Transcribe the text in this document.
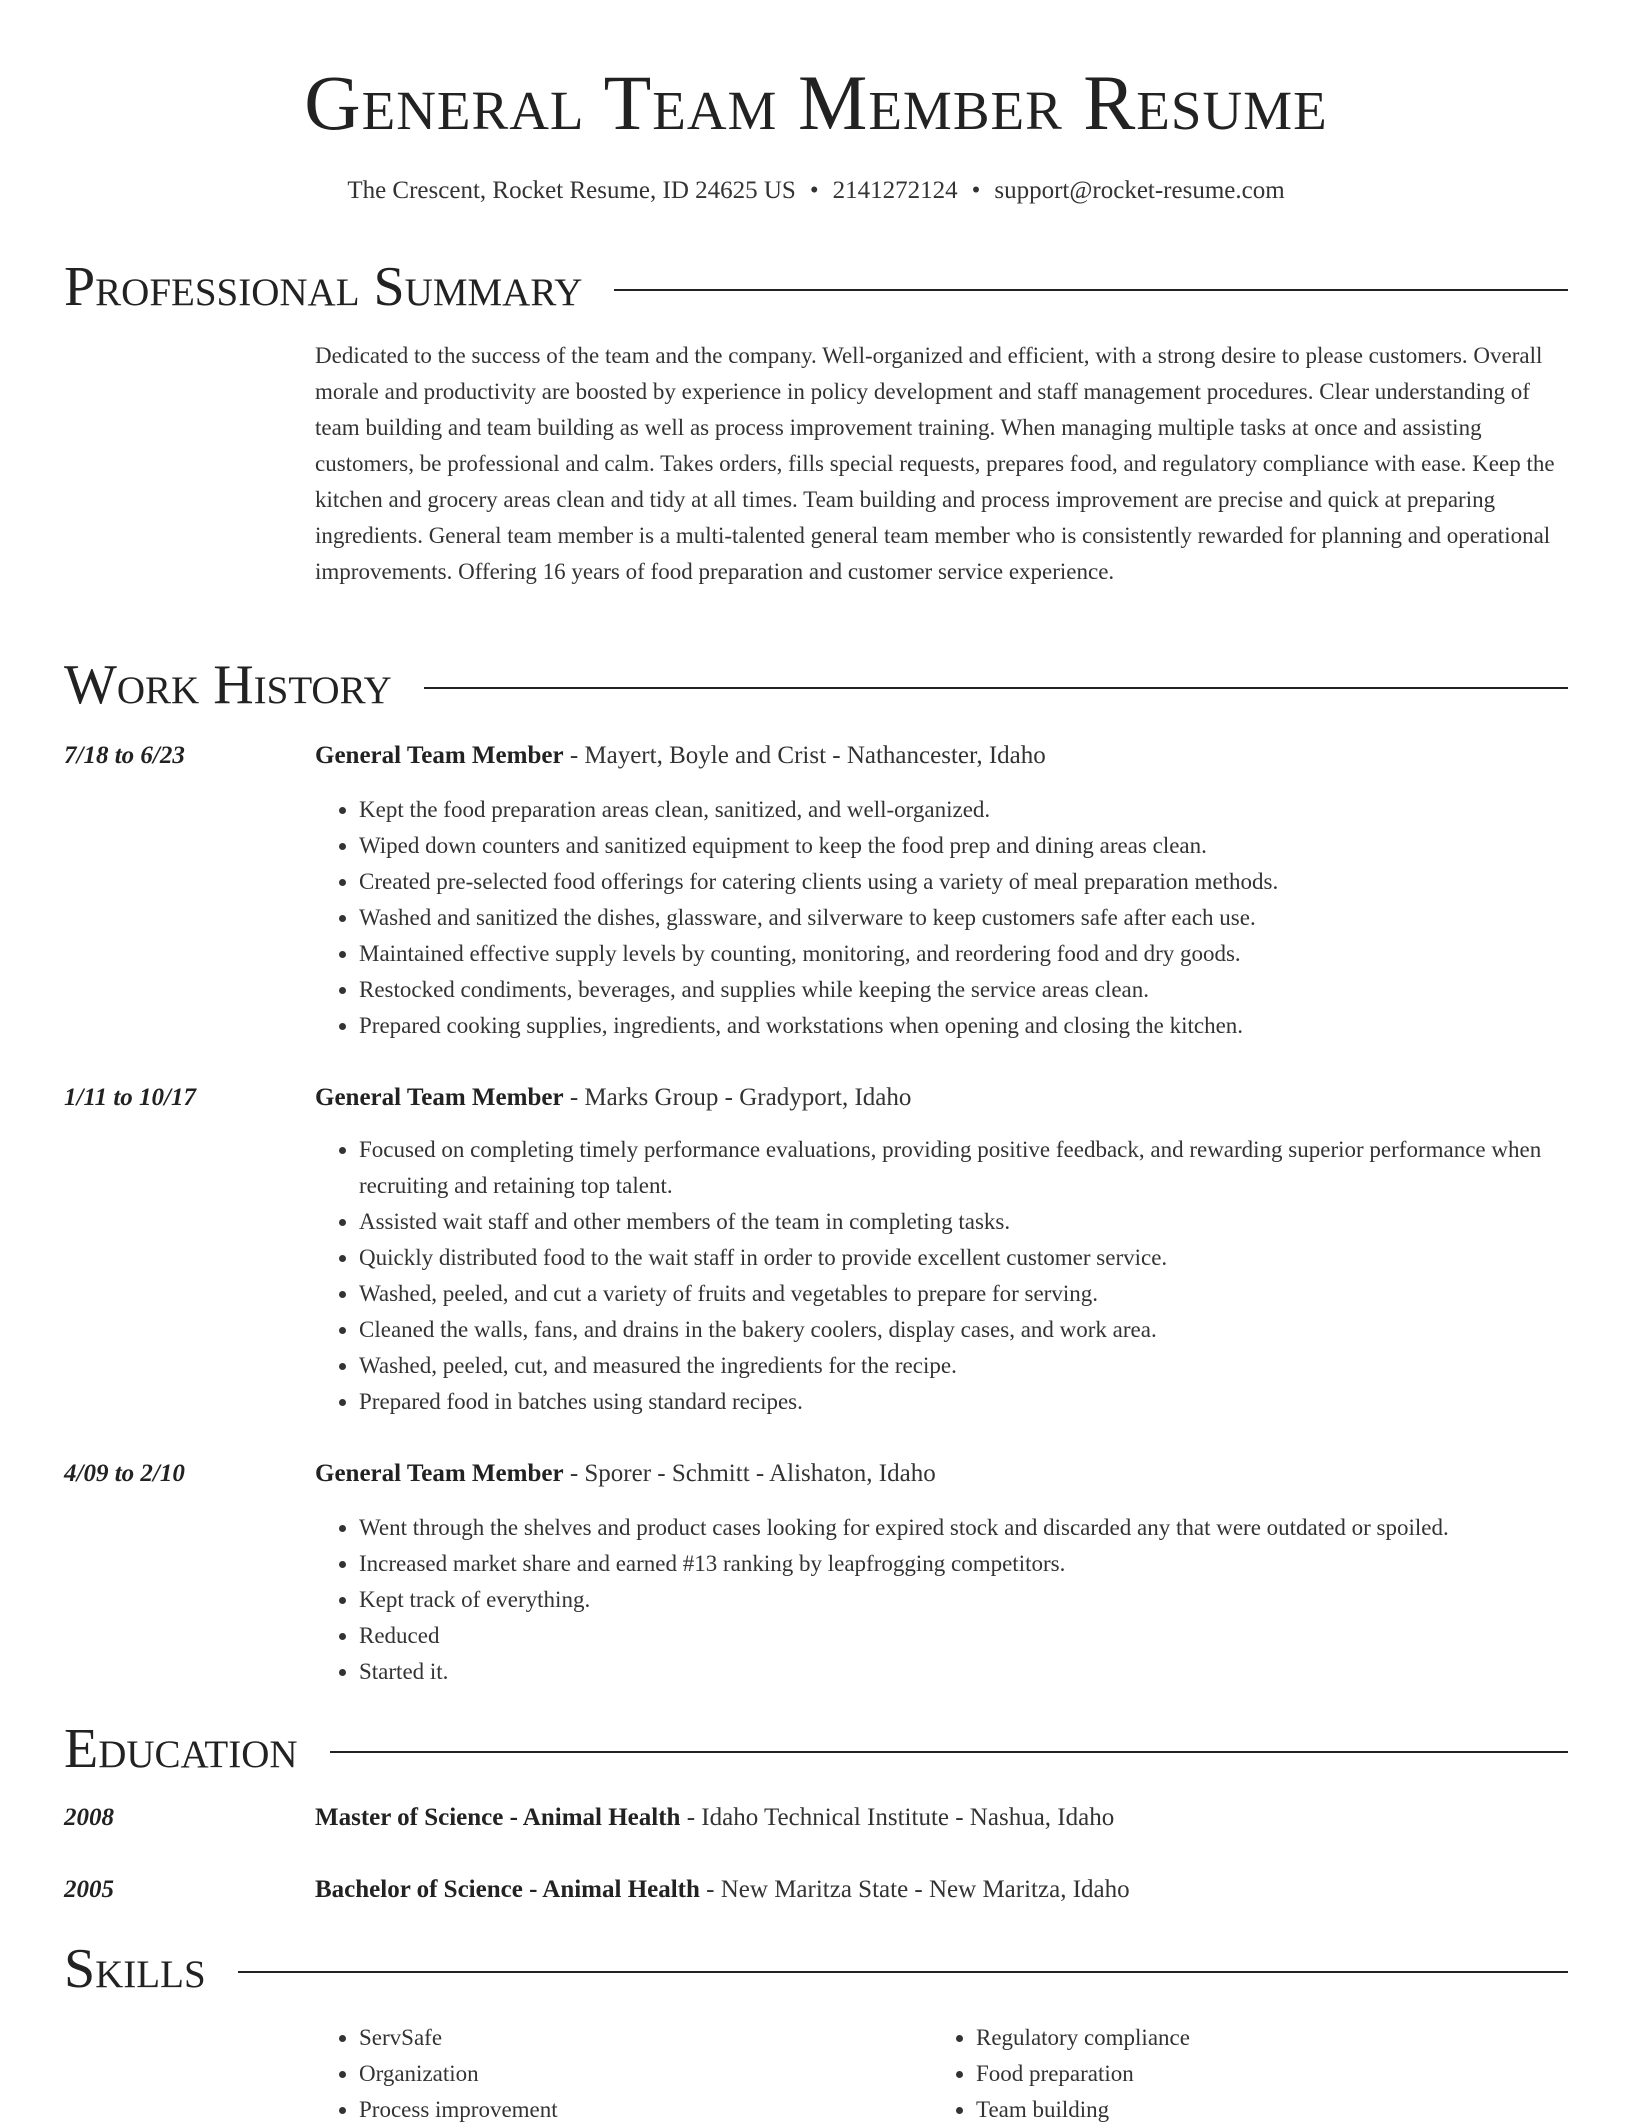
General Team Member Resume
The Crescent, Rocket Resume, ID 24625 US • 2141272124 • support@rocket-resume.com
Professional Summary
Dedicated to the success of the team and the company. Well-organized and efficient, with a strong desire to please customers. Overall morale and productivity are boosted by experience in policy development and staff management procedures. Clear understanding of team building and team building as well as process improvement training. When managing multiple tasks at once and assisting customers, be professional and calm. Takes orders, fills special requests, prepares food, and regulatory compliance with ease. Keep the kitchen and grocery areas clean and tidy at all times. Team building and process improvement are precise and quick at preparing ingredients. General team member is a multi-talented general team member who is consistently rewarded for planning and operational improvements. Offering 16 years of food preparation and customer service experience.
Work History
7/18 to 6/23	General Team Member - Mayert, Boyle and Crist - Nathancester, Idaho
• Kept the food preparation areas clean, sanitized, and well-organized.
• Wiped down counters and sanitized equipment to keep the food prep and dining areas clean.
• Created pre-selected food offerings for catering clients using a variety of meal preparation methods.
• Washed and sanitized the dishes, glassware, and silverware to keep customers safe after each use.
• Maintained effective supply levels by counting, monitoring, and reordering food and dry goods.
• Restocked condiments, beverages, and supplies while keeping the service areas clean.
• Prepared cooking supplies, ingredients, and workstations when opening and closing the kitchen.
1/11 to 10/17	General Team Member - Marks Group - Gradyport, Idaho
• Focused on completing timely performance evaluations, providing positive feedback, and rewarding superior performance when recruiting and retaining top talent.
• Assisted wait staff and other members of the team in completing tasks.
• Quickly distributed food to the wait staff in order to provide excellent customer service.
• Washed, peeled, and cut a variety of fruits and vegetables to prepare for serving.
• Cleaned the walls, fans, and drains in the bakery coolers, display cases, and work area.
• Washed, peeled, cut, and measured the ingredients for the recipe.
• Prepared food in batches using standard recipes.
4/09 to 2/10	General Team Member - Sporer - Schmitt - Alishaton, Idaho
• Went through the shelves and product cases looking for expired stock and discarded any that were outdated or spoiled.
• Increased market share and earned #13 ranking by leapfrogging competitors.
• Kept track of everything.
• Reduced
• Started it.
Education
2008	Master of Science - Animal Health - Idaho Technical Institute - Nashua, Idaho
2005	Bachelor of Science - Animal Health - New Maritza State - New Maritza, Idaho
Skills
• ServSafe
• Organization
• Process improvement
• Regulatory compliance
• Food preparation
• Team building
